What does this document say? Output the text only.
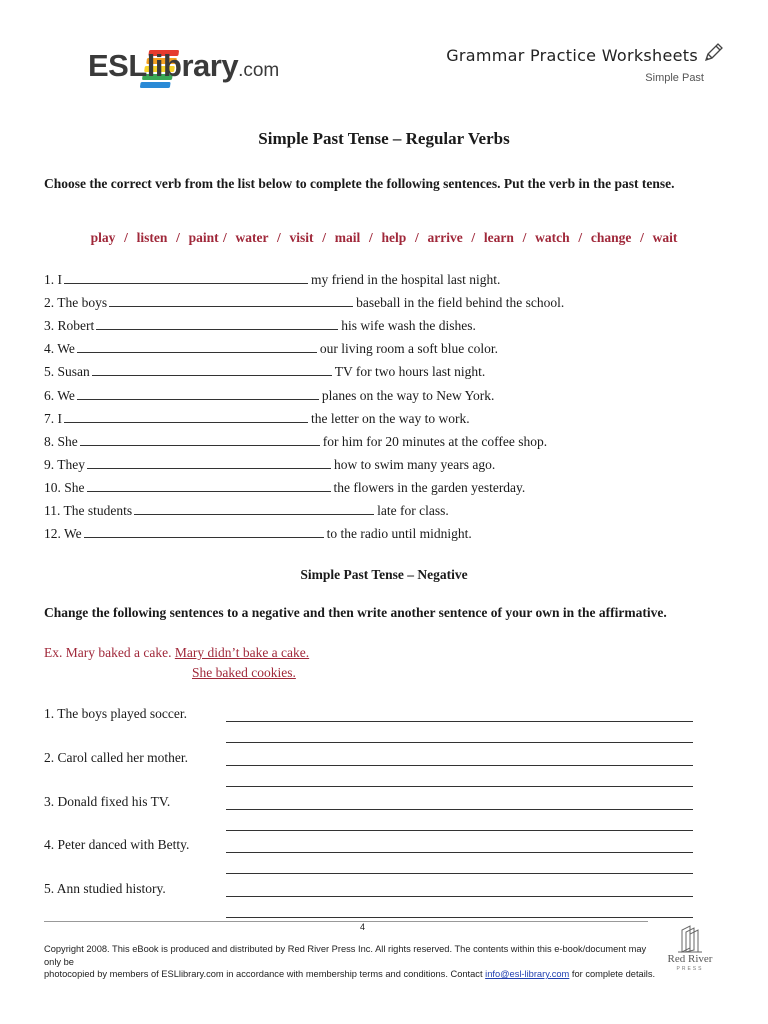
ESLlibrary.com
Grammar Practice Worksheets
Simple Past
Simple Past Tense – Regular Verbs
Choose the correct verb from the list below to complete the following sentences. Put the verb in the past tense.
play  /  listen  /  paint /  water  /  visit  /  mail  /  help  /  arrive  /  learn  /  watch  /  change  /  wait
1. I	my friend in the hospital last night.
2. The boys	baseball in the field behind the school.
3. Robert	his wife wash the dishes.
4. We	our living room a soft blue color.
5. Susan	TV for two hours last night.
6. We	planes on the way to New York.
7. I	the letter on the way to work.
8. She	for him for 20 minutes at the coffee shop.
9. They	how to swim many years ago.
10. She	the flowers in the garden yesterday.
11. The students	late for class.
12. We	to the radio until midnight.
Simple Past Tense – Negative
Change the following sentences to a negative and then write another sentence of your own in the affirmative.
Ex. Mary baked a cake. Mary didn’t bake a cake.
She baked cookies.
1. The boys played soccer.
2. Carol called her mother.
3. Donald fixed his TV.
4. Peter danced with Betty.
5. Ann studied history.
4
Copyright 2008. This eBook is produced and distributed by Red River Press Inc. All rights reserved. The contents within this e-book/document may only be
photocopied by members of ESLlibrary.com in accordance with membership terms and conditions. Contact info@esl-library.com for complete details.
Red River
PRESS
